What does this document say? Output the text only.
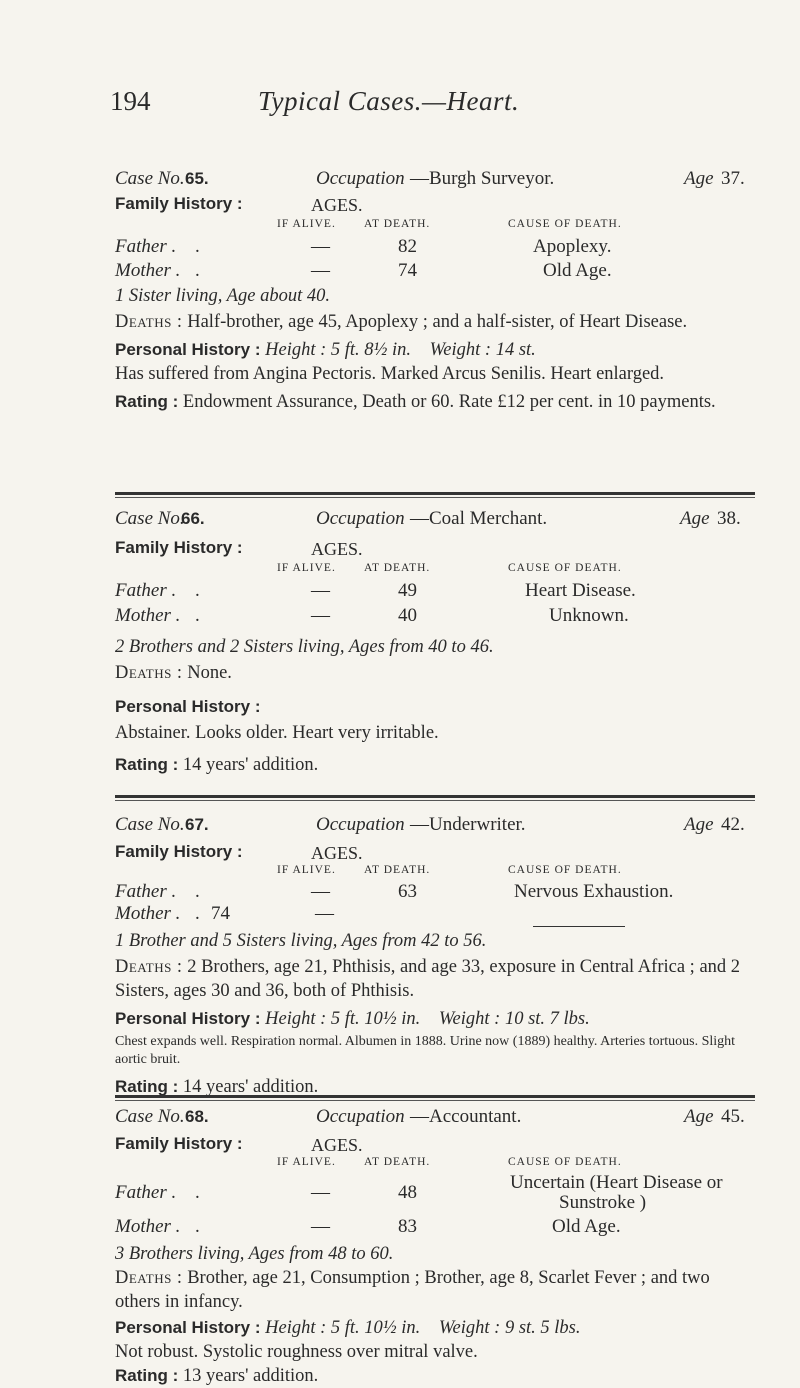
194	Typical Cases.—Heart.
Case No. 65.	Occupation —Burgh Surveyor.	Age 37.
Family History :	AGES.
IF ALIVE. AT DEATH.	CAUSE OF DEATH.
Father . .	—	82	Apoplexy.
Mother . .	—	74	Old Age.
1 Sister living, Age about 40.
Deaths : Half-brother, age 45, Apoplexy ; and a half-sister, of Heart Disease.
Personal History : Height : 5 ft. 8½ in. Weight : 14 st.
Has suffered from Angina Pectoris. Marked Arcus Senilis. Heart enlarged.
Rating : Endowment Assurance, Death or 60. Rate £12 per cent. in 10 payments.
Case No.
66.	Occupation —Coal Merchant.	Age 38.
Family History :	AGES.
IF ALIVE. AT DEATH.	CAUSE OF DEATH.
Father . .	—	49	Heart Disease.
Mother . .	—	40	Unknown.
2 Brothers and 2 Sisters living, Ages from 40 to 46.
Deaths : None.
Personal History :
Abstainer. Looks older. Heart very irritable.
Rating : 14 years' addition.
Case No. 67.	Occupation —Underwriter.	Age 42.
Family History :	AGES.
IF ALIVE. AT DEATH.	CAUSE OF DEATH.
Father . .	—	63	Nervous Exhaustion.
Mother . . 74	—
1 Brother and 5 Sisters living, Ages from 42 to 56.
Deaths : 2 Brothers, age 21, Phthisis, and age 33, exposure in Central Africa ; and 2 Sisters, ages 30 and 36, both of Phthisis.
Personal History : Height : 5 ft. 10½ in. Weight : 10 st. 7 lbs.
Chest expands well. Respiration normal. Albumen in 1888. Urine now (1889) healthy. Arteries tortuous. Slight aortic bruit.
Rating : 14 years' addition.
Case No. 68.	Occupation —Accountant.	Age 45.
Family History :	AGES.
IF ALIVE. AT DEATH.	CAUSE OF DEATH.
Father . .	—	48	Uncertain (Heart Disease or
Sunstroke )
Mother . .	—	83	Old Age.
3 Brothers living, Ages from 48 to 60.
Deaths : Brother, age 21, Consumption ; Brother, age 8, Scarlet Fever ; and two others in infancy.
Personal History : Height : 5 ft. 10½ in. Weight : 9 st. 5 lbs.
Not robust. Systolic roughness over mitral valve.
Rating : 13 years' addition.
